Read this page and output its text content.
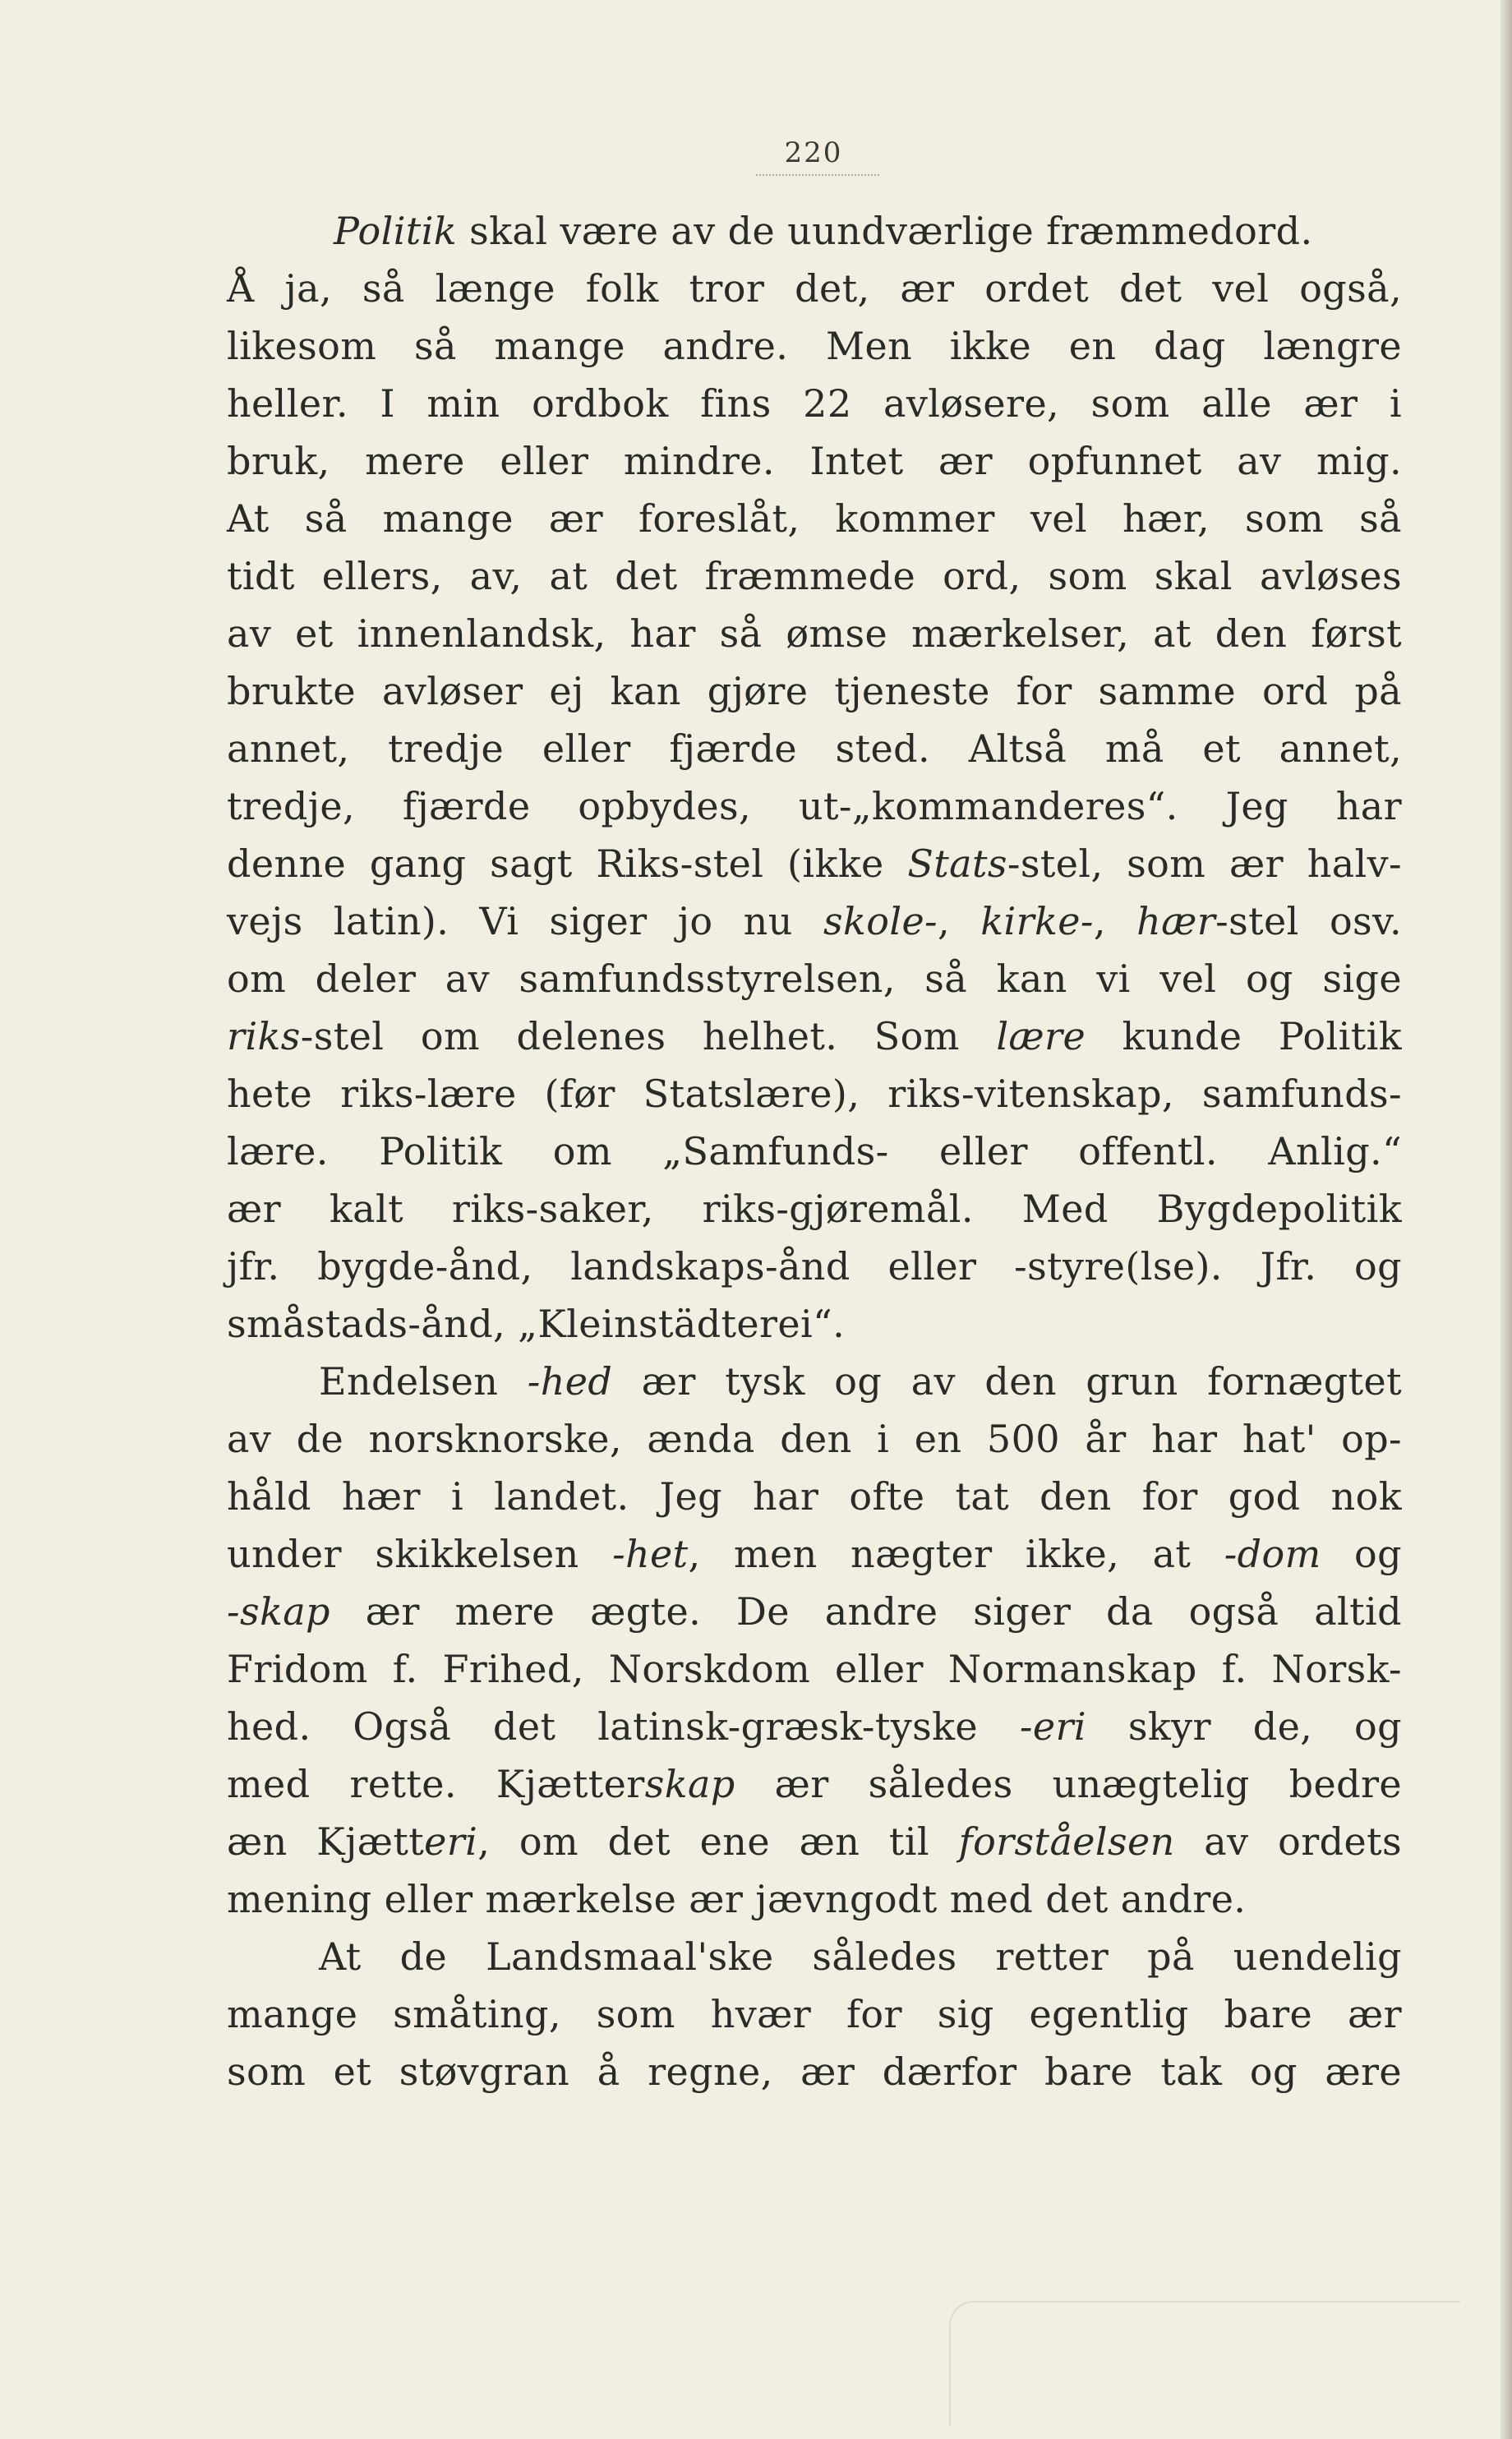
220
Politik skal være av de uundværlige fræmmedord.
Å ja, så længe folk tror det, ær ordet det vel også,
likesom så mange andre. Men ikke en dag længre
heller. I min ordbok fins 22 avløsere, som alle ær i
bruk, mere eller mindre. Intet ær opfunnet av mig.
At så mange ær foreslåt, kommer vel hær, som så
tidt ellers, av, at det fræmmede ord, som skal avløses
av et innenlandsk, har så ømse mærkelser, at den først
brukte avløser ej kan gjøre tjeneste for samme ord på
annet, tredje eller fjærde sted. Altså må et annet,
tredje, fjærde opbydes, ut-„kommanderes“. Jeg har
denne gang sagt Riks-stel (ikke Stats-stel, som ær halv-
vejs latin). Vi siger jo nu skole-, kirke-, hær-stel osv.
om deler av samfundsstyrelsen, så kan vi vel og sige
riks-stel om delenes helhet. Som lære kunde Politik
hete riks-lære (før Statslære), riks-vitenskap, samfunds-
lære. Politik om „Samfunds- eller offentl. Anlig.“
ær kalt riks-saker, riks-gjøremål. Med Bygdepolitik
jfr. bygde-ånd, landskaps-ånd eller -styre(lse). Jfr. og
småstads-ånd, „Kleinstädterei“.
Endelsen -hed ær tysk og av den grun fornægtet
av de norsknorske, ænda den i en 500 år har hat' op-
håld hær i landet. Jeg har ofte tat den for god nok
under skikkelsen -het, men nægter ikke, at -dom og
-skap ær mere ægte. De andre siger da også altid
Fridom f. Frihed, Norskdom eller Normanskap f. Norsk-
hed. Også det latinsk-græsk-tyske -eri skyr de, og
med rette. Kjætterskap ær således unægtelig bedre
æn Kjætteri, om det ene æn til forståelsen av ordets
mening eller mærkelse ær jævngodt med det andre.
At de Landsmaal'ske således retter på uendelig
mange småting, som hvær for sig egentlig bare ær
som et støvgran å regne, ær dærfor bare tak og ære
